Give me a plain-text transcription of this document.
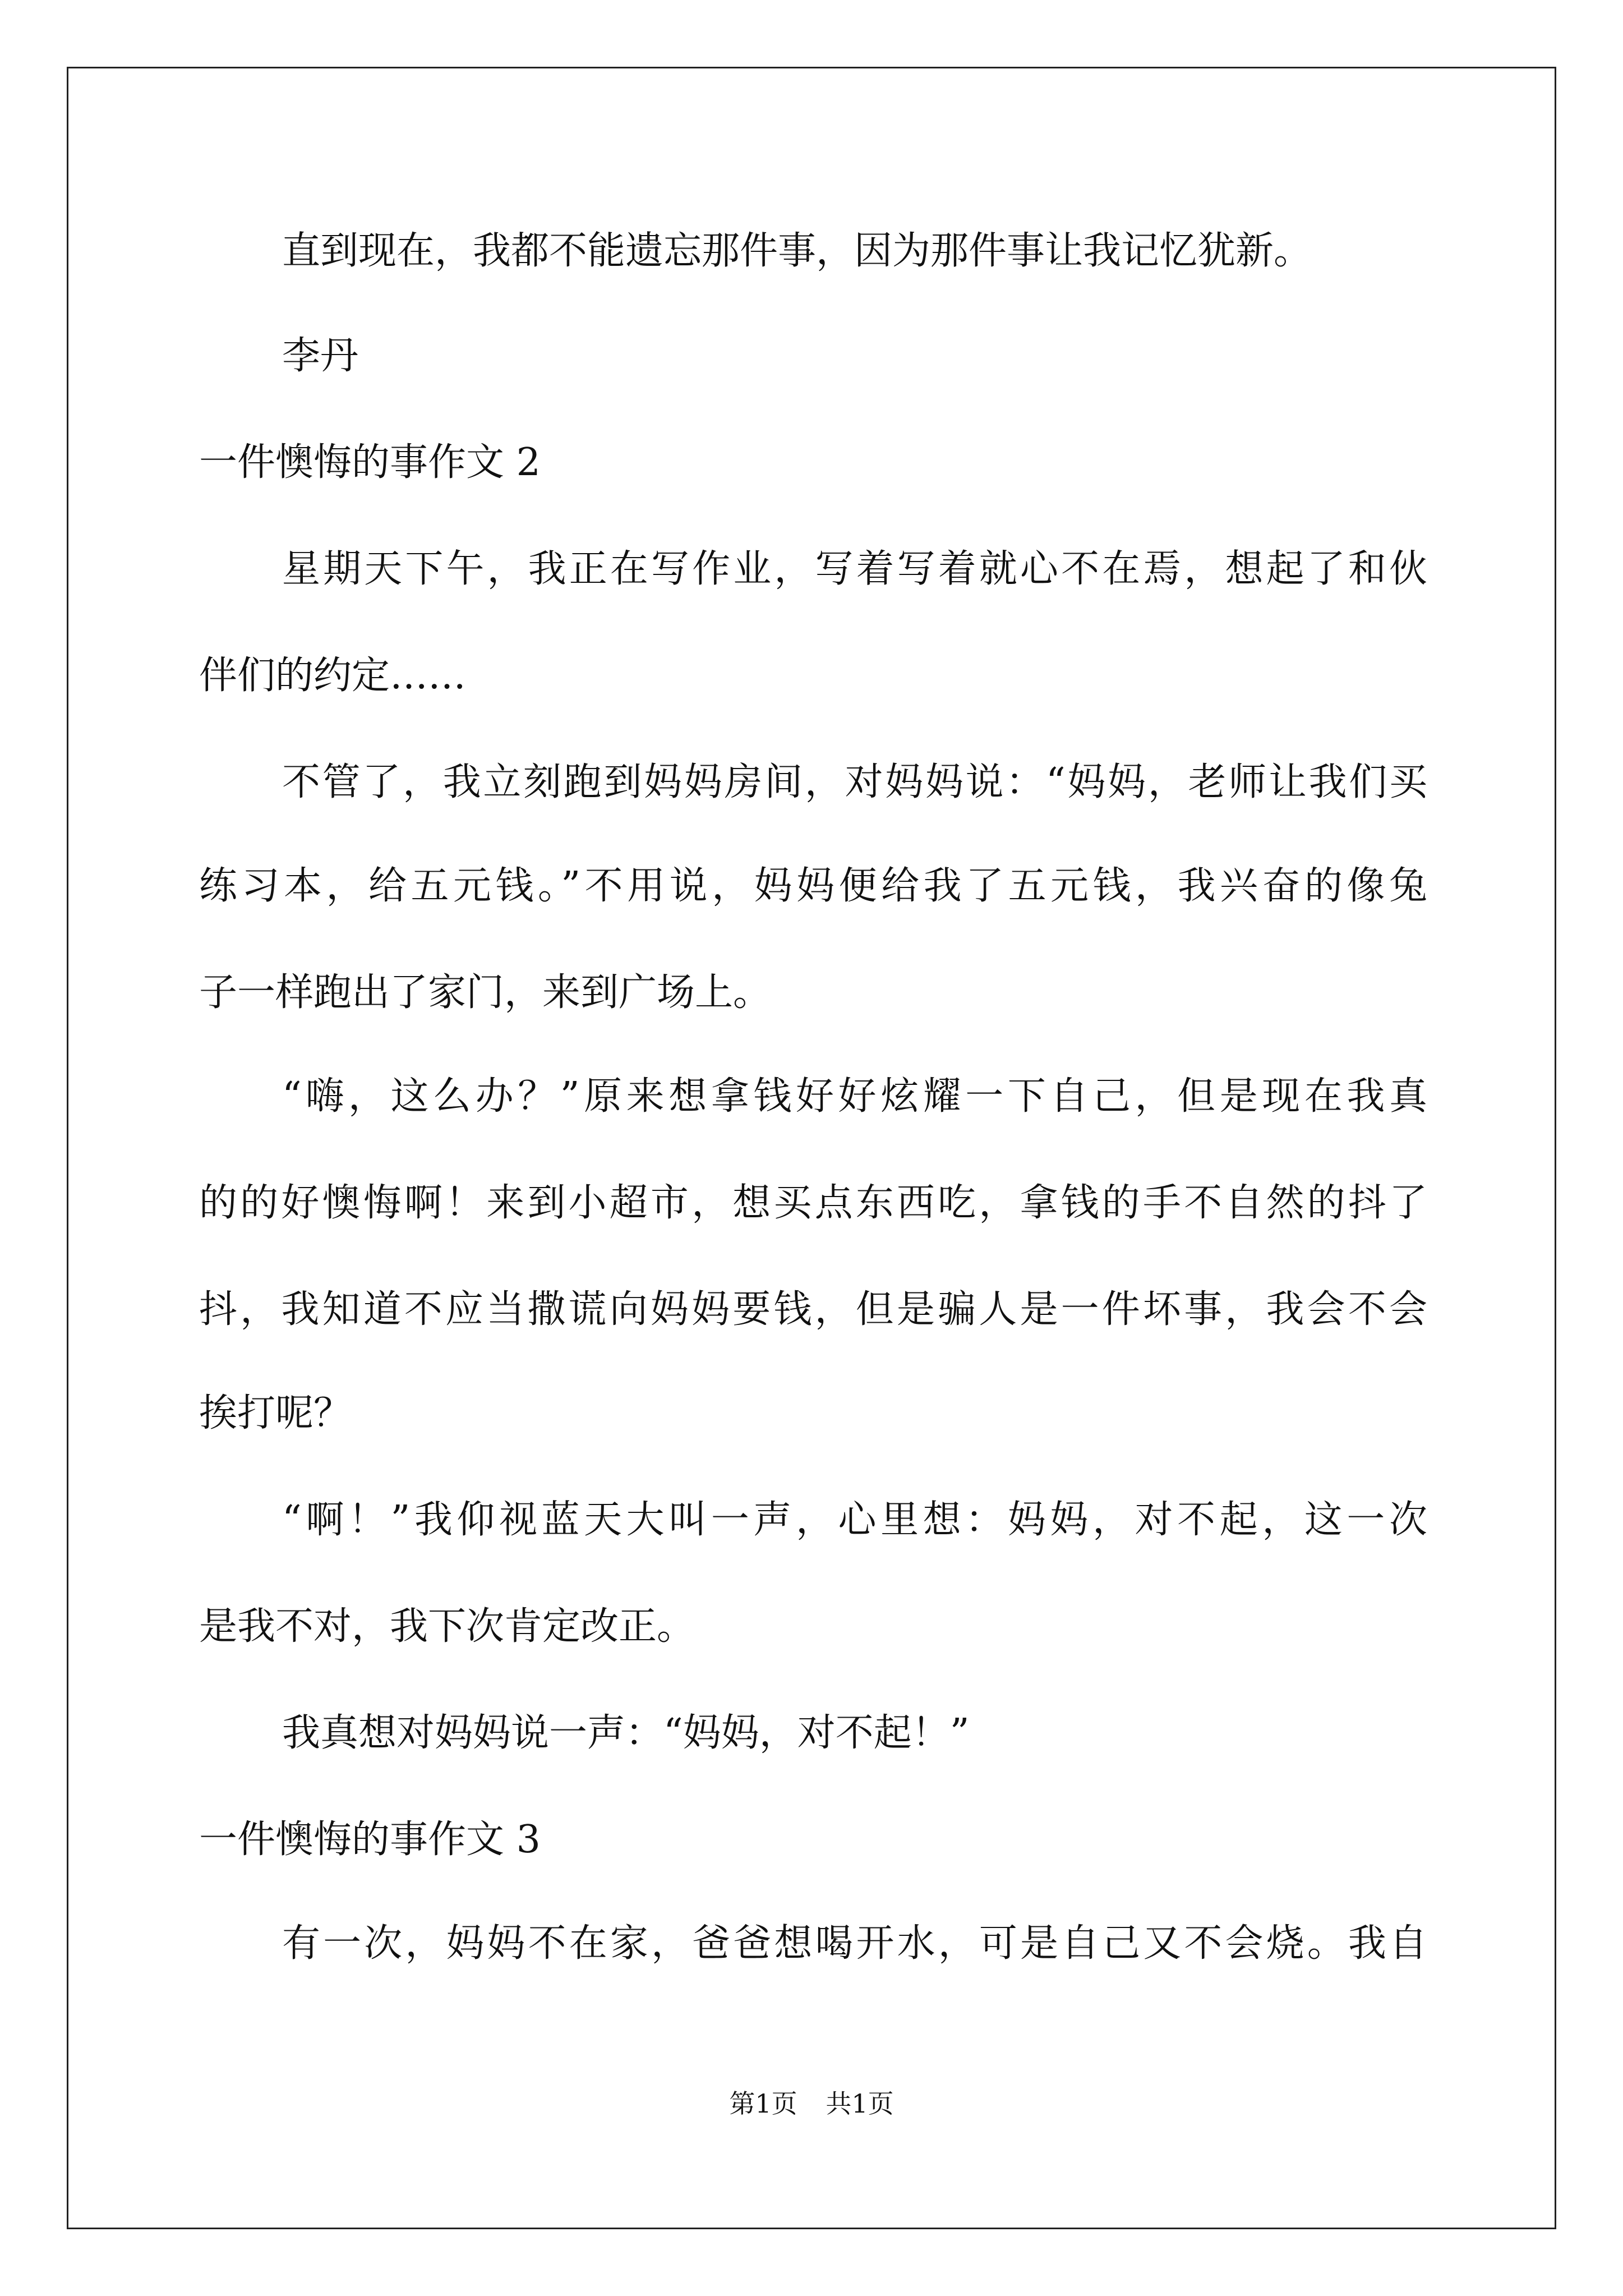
直到现在，我都不能遗忘那件事，因为那件事让我记忆犹新。
李丹
一件懊悔的事作文 2
星期天下午，我正在写作业，写着写着就心不在焉，想起了和伙
伴们的约定……
不管了，我立刻跑到妈妈房间，对妈妈说：“妈妈，老师让我们买
练习本，给五元钱。”不用说，妈妈便给我了五元钱，我兴奋的像兔
子一样跑出了家门，来到广场上。
“嗨，这么办？”原来想拿钱好好炫耀一下自己，但是现在我真
的的好懊悔啊！来到小超市，想买点东西吃，拿钱的手不自然的抖了
抖，我知道不应当撒谎向妈妈要钱，但是骗人是一件坏事，我会不会
挨打呢？
“啊！”我仰视蓝天大叫一声，心里想：妈妈，对不起，这一次
是我不对，我下次肯定改正。
我真想对妈妈说一声：“妈妈，对不起！”
一件懊悔的事作文 3
有一次，妈妈不在家，爸爸想喝开水，可是自己又不会烧。我自
第1页 共1页
